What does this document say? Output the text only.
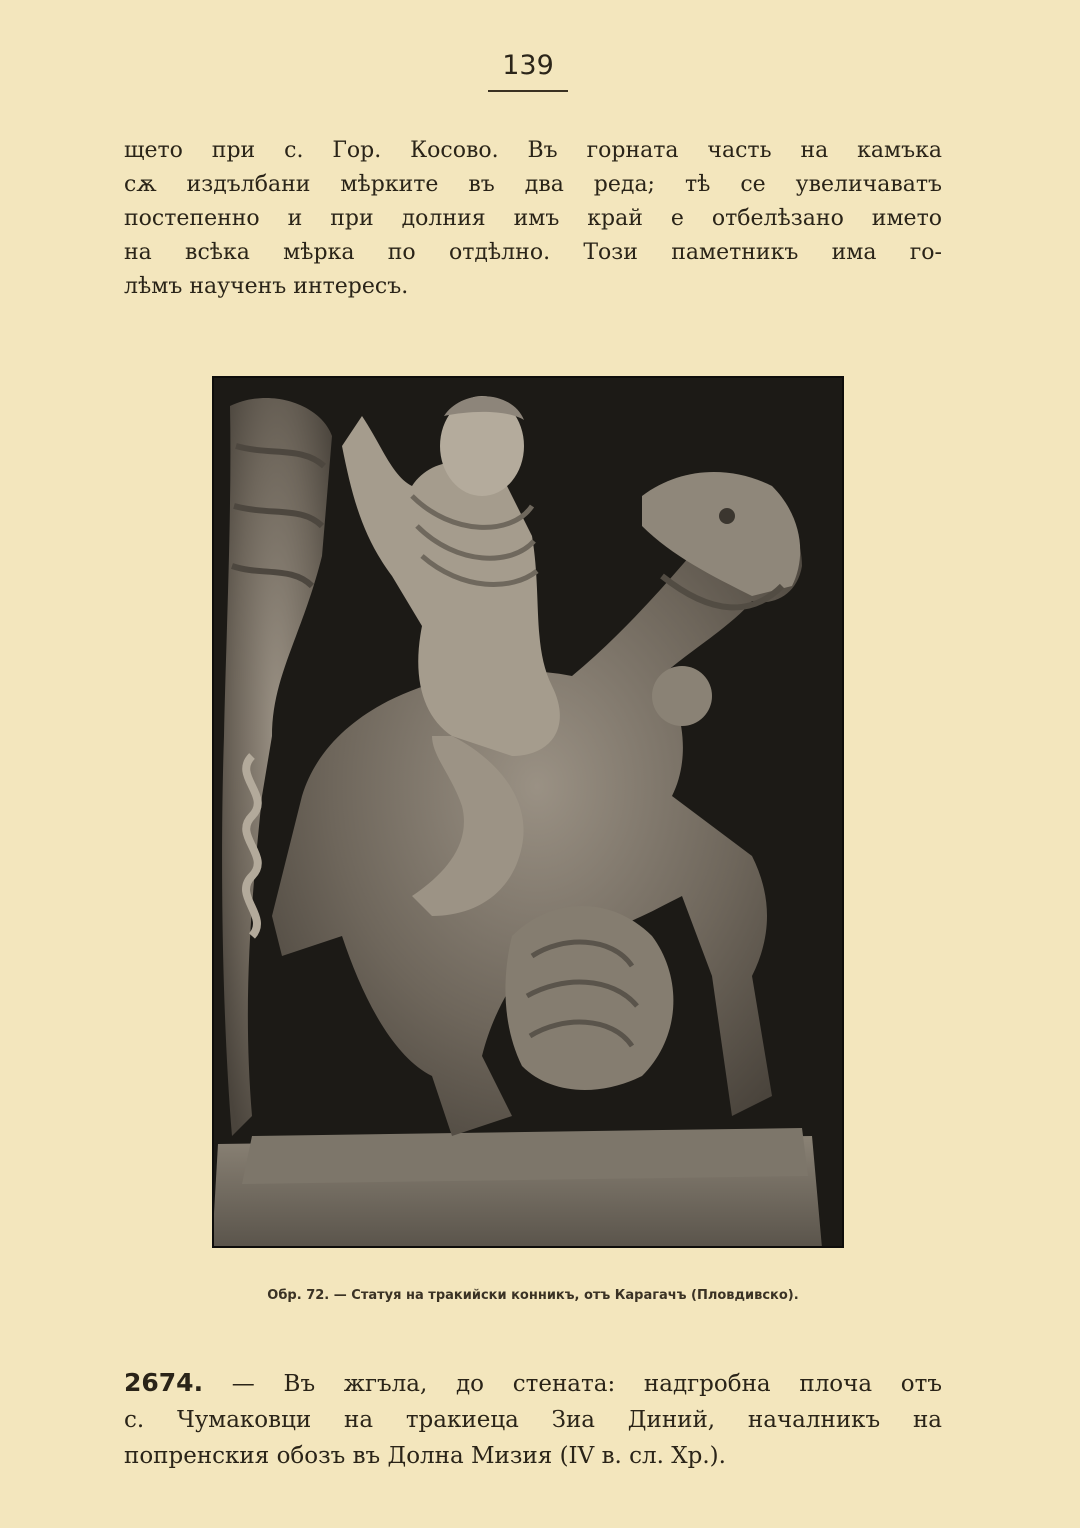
139
щето при с. Гор. Косово. Въ горната часть на камъка
сѫ издълбани мѣрките въ два реда; тѣ се увеличаватъ
постепенно и при долния имъ край е отбелѣзано името
на всѣка мѣрка по отдѣлно. Този паметникъ има го-
лѣмъ наученъ интересъ.
Обр. 72. — Статуя на тракийски конникъ, отъ Карагачъ (Пловдивско).
2674. — Въ жгъла, до стената: надгробна плоча отъ
с. Чумаковци на тракиеца Зиа Диний, началникъ на
попренския обозъ въ Долна Мизия (IV в. сл. Хр.).
